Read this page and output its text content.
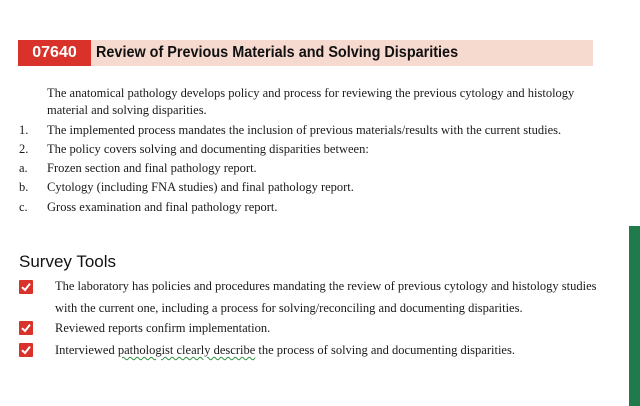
07640	Review of Previous Materials and Solving Disparities
The anatomical pathology develops policy and process for reviewing the previous cytology and histology material and solving disparities.
1. The implemented process mandates the inclusion of previous materials/results with the current studies.
2. The policy covers solving and documenting disparities between:
a. Frozen section and final pathology report.
b. Cytology (including FNA studies) and final pathology report.
c. Gross examination and final pathology report.
Survey Tools
The laboratory has policies and procedures mandating the review of previous cytology and histology studies with the current one, including a process for solving/reconciling and documenting disparities.
Reviewed reports confirm implementation.
Interviewed pathologist clearly describe the process of solving and documenting disparities.
